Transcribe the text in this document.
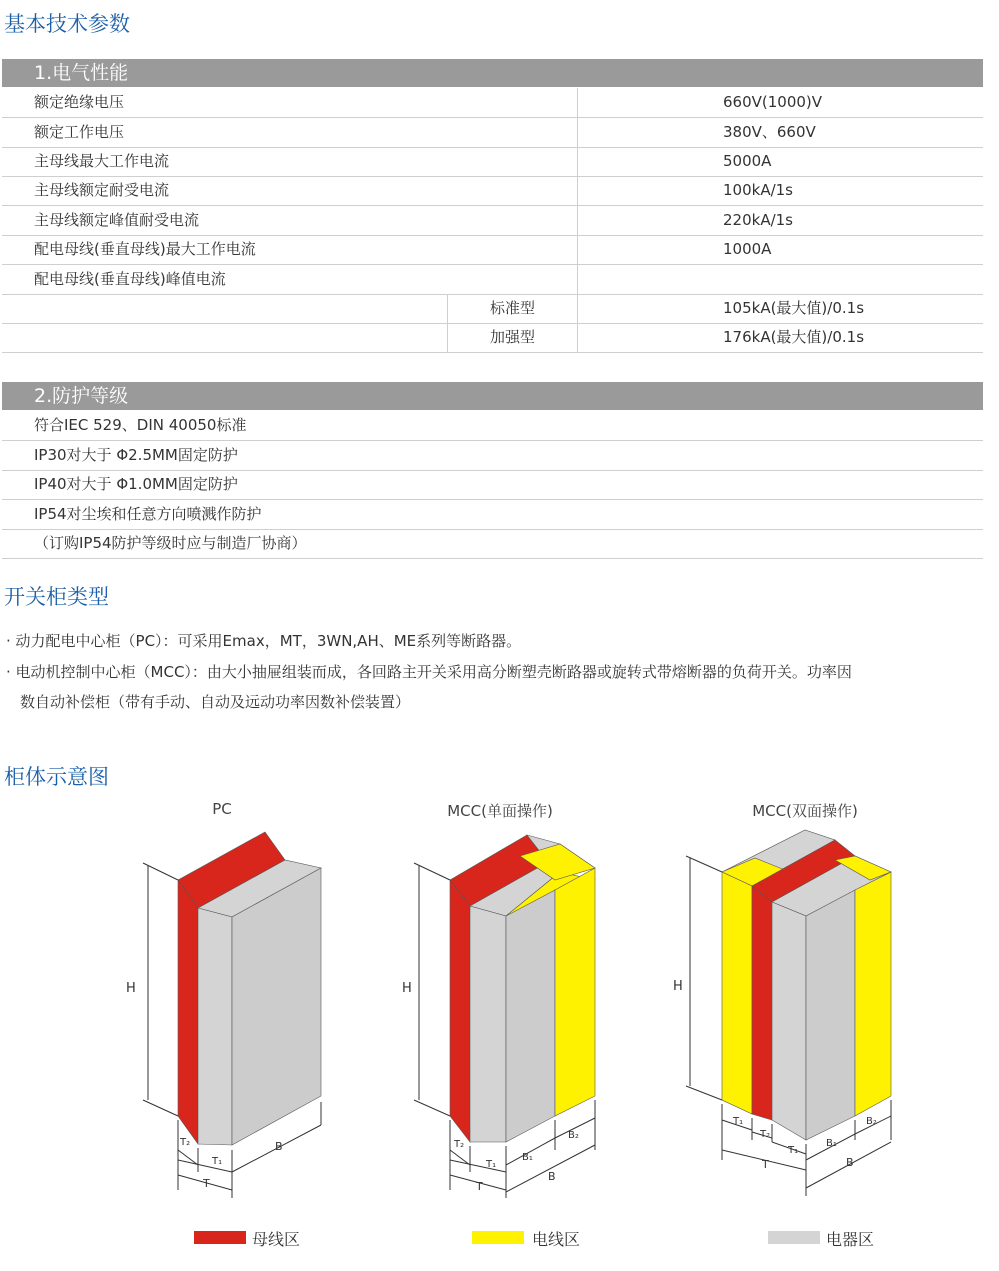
基本技术参数
1.电气性能
额定绝缘电压	660V(1000)V
额定工作电压	380V、660V
主母线最大工作电流	5000A
主母线额定耐受电流	100kA/1s
主母线额定峰值耐受电流	220kA/1s
配电母线(垂直母线)最大工作电流	1000A
配电母线(垂直母线)峰值电流
标准型	105kA(最大值)/0.1s
加强型	176kA(最大值)/0.1s
2.防护等级
符合IEC 529、DIN 40050标准
IP30对大于 Φ2.5MM固定防护
IP40对大于 Φ1.0MM固定防护
IP54对尘埃和任意方向喷溅作防护
（订购IP54防护等级时应与制造厂协商）
开关柜类型
· 动力配电中心柜（PC）：可采用Emax，MT，3WN,AH、ME系列等断路器。
· 电动机控制中心柜（MCC）：由大小抽屉组装而成，各回路主开关采用高分断塑壳断路器或旋转式带熔断器的负荷开关。功率因
数自动补偿柜（带有手动、自动及远动功率因数补偿装置）
柜体示意图
PC	MCC(单面操作)	MCC(双面操作)
H
T₂
T₁
T
B
H
T₂
T₁
T
B₁
B₂
B
H
T₁
T₂
T₁
T
B₁
B₂
B
母线区	电线区	电器区
